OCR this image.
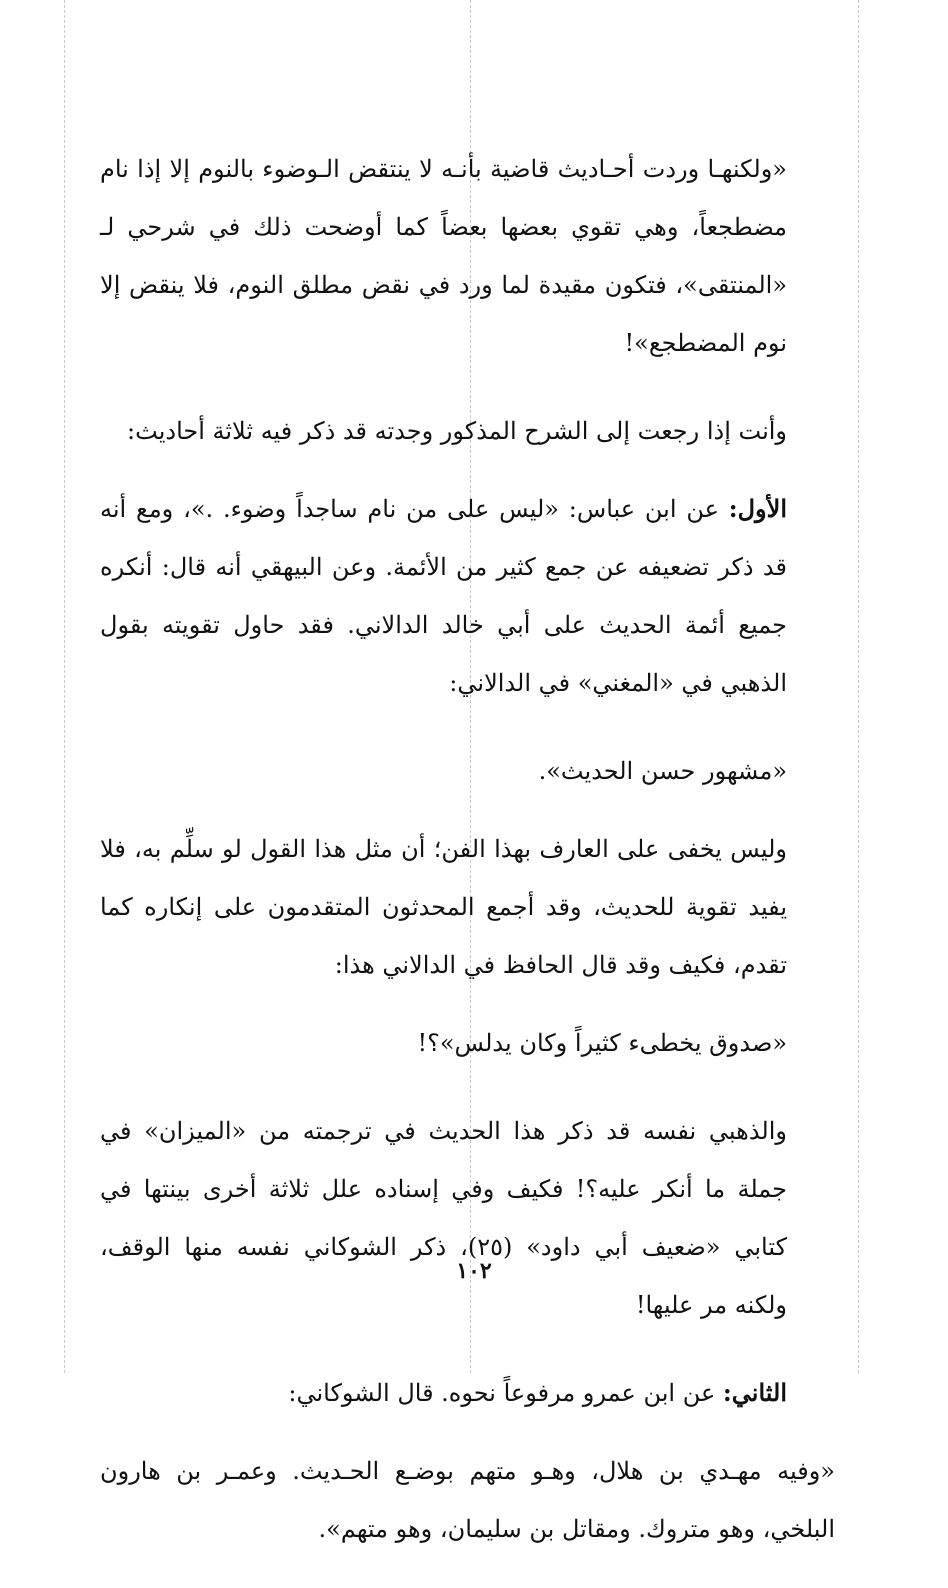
«ولكنهـا وردت أحـاديث قاضية بأنـه لا ينتقض الـوضوء بالنوم إلا إذا نام مضطجعاً، وهي تقوي بعضها بعضاً كما أوضحت ذلك في شرحي لـ «المنتقى»، فتكون مقيدة لما ورد في نقض مطلق النوم، فلا ينقض إلا نوم المضطجع»!

وأنت إذا رجعت إلى الشرح المذكور وجدته قد ذكر فيه ثلاثة أحاديث:

الأول: عن ابن عباس: «ليس على من نام ساجداً وضوء. .»، ومع أنه قد ذكر تضعيفه عن جمع كثير من الأئمة. وعن البيهقي أنه قال: أنكره جميع أئمة الحديث على أبي خالد الدالاني. فقد حاول تقويته بقول الذهبي في «المغني» في الدالاني:

«مشهور حسن الحديث».

وليس يخفى على العارف بهذا الفن؛ أن مثل هذا القول لو سلِّم به، فلا يفيد تقوية للحديث، وقد أجمع المحدثون المتقدمون على إنكاره كما تقدم، فكيف وقد قال الحافظ في الدالاني هذا:

«صدوق يخطىء كثيراً وكان يدلس»؟!

والذهبي نفسه قد ذكر هذا الحديث في ترجمته من «الميزان» في جملة ما أنكر عليه؟! فكيف وفي إسناده علل ثلاثة أخرى بينتها في كتابي «ضعيف أبي داود» (٢٥)، ذكر الشوكاني نفسه منها الوقف، ولكنه مر عليها!

الثاني: عن ابن عمرو مرفوعاً نحوه. قال الشوكاني:

«وفيه مهـدي بن هلال، وهـو متهم بوضـع الحـديث. وعمـر بن هارون البلخي، وهو متروك. ومقاتل بن سليمان، وهو متهم».

١٠٢
